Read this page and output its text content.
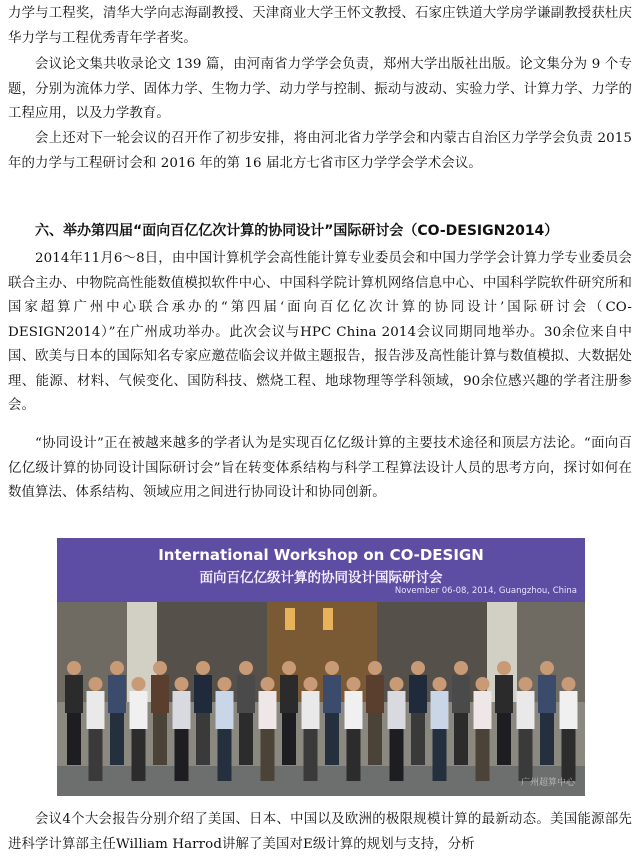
力学与工程奖，清华大学向志海副教授、天津商业大学王怀文教授、石家庄铁道大学房学谦副教授获杜庆华力学与工程优秀青年学者奖。

会议论文集共收录论文 139 篇，由河南省力学学会负责，郑州大学出版社出版。论文集分为 9 个专题，分别为流体力学、固体力学、生物力学、动力学与控制、振动与波动、实验力学、计算力学、力学的工程应用，以及力学教育。

会上还对下一轮会议的召开作了初步安排，将由河北省力学学会和内蒙古自治区力学学会负责 2015 年的力学与工程研讨会和 2016 年的第 16 届北方七省市区力学学会学术会议。

六、举办第四届“面向百亿亿次计算的协同设计”国际研讨会（CO-DESIGN2014）

2014年11月6～8日，由中国计算机学会高性能计算专业委员会和中国力学学会计算力学专业委员会联合主办、中物院高性能数值模拟软件中心、中国科学院计算机网络信息中心、中国科学院软件研究所和国家超算广州中心联合承办的“第四届‘面向百亿亿次计算的协同设计’国际研讨会（CO-DESIGN2014）”在广州成功举办。此次会议与HPC China 2014会议同期同地举办。30余位来自中国、欧美与日本的国际知名专家应邀莅临会议并做主题报告，报告涉及高性能计算与数值模拟、大数据处理、能源、材料、气候变化、国防科技、燃烧工程、地球物理等学科领域，90余位感兴趣的学者注册参会。

“协同设计”正在被越来越多的学者认为是实现百亿亿级计算的主要技术途径和顶层方法论。“面向百亿亿级计算的协同设计国际研讨会”旨在转变体系结构与科学工程算法设计人员的思考方向，探讨如何在数值算法、体系结构、领域应用之间进行协同设计和协同创新。

International Workshop on CO-DESIGN
面向百亿亿级计算的协同设计国际研讨会
November 06-08, 2014, Guangzhou, China
广州超算中心

会议4个大会报告分别介绍了美国、日本、中国以及欧洲的极限规模计算的最新动态。美国能源部先进科学计算部主任William Harrod讲解了美国对E级计算的规划与支持，分析
